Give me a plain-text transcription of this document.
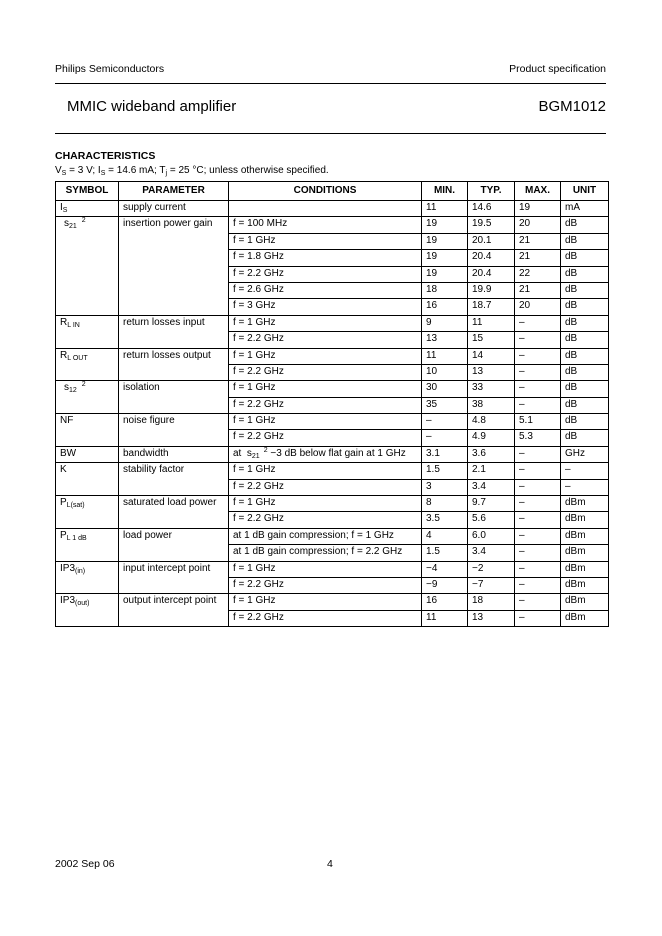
Philips Semiconductors	Product specification
MMIC wideband amplifier	BGM1012
CHARACTERISTICS
$V_S = 3$ V; $I_S = 14.6$ mA; $T_j = 25$ °C; unless otherwise specified.
SYMBOL	PARAMETER	CONDITIONS	MIN.	TYP.	MAX.	UNIT
$I_S$	supply current		11	14.6	19	mA
$s_{21}^2$	insertion power gain	f = 100 MHz	19	19.5	20	dB
		f = 1 GHz	19	20.1	21	dB
		f = 1.8 GHz	19	20.4	21	dB
		f = 2.2 GHz	19	20.4	22	dB
		f = 2.6 GHz	18	19.9	21	dB
		f = 3 GHz	16	18.7	20	dB
$R_{L IN}$	return losses input	f = 1 GHz	9	11	–	dB
		f = 2.2 GHz	13	15	–	dB
$R_{L OUT}$	return losses output	f = 1 GHz	11	14	–	dB
		f = 2.2 GHz	10	13	–	dB
$s_{12}^2$	isolation	f = 1 GHz	30	33	–	dB
		f = 2.2 GHz	35	38	–	dB
NF	noise figure	f = 1 GHz	–	4.8	5.1	dB
		f = 2.2 GHz	–	4.9	5.3	dB
BW	bandwidth	at  $s_{21}^2 -3$ dB below flat gain at 1 GHz	3.1	3.6	–	GHz
K	stability factor	f = 1 GHz	1.5	2.1	–	–
		f = 2.2 GHz	3	3.4	–	–
$P_{L(sat)}$	saturated load power	f = 1 GHz	8	9.7	–	dBm
		f = 2.2 GHz	3.5	5.6	–	dBm
$P_{L 1 dB}$	load power	at 1 dB gain compression; f = 1 GHz	4	6.0	–	dBm
		at 1 dB gain compression; f = 2.2 GHz	1.5	3.4	–	dBm
$IP3_{(in)}$	input intercept point	f = 1 GHz	−4	−2	–	dBm
		f = 2.2 GHz	−9	−7	–	dBm
$IP3_{(out)}$	output intercept point	f = 1 GHz	16	18	–	dBm
		f = 2.2 GHz	11	13	–	dBm
2002 Sep 06	4
